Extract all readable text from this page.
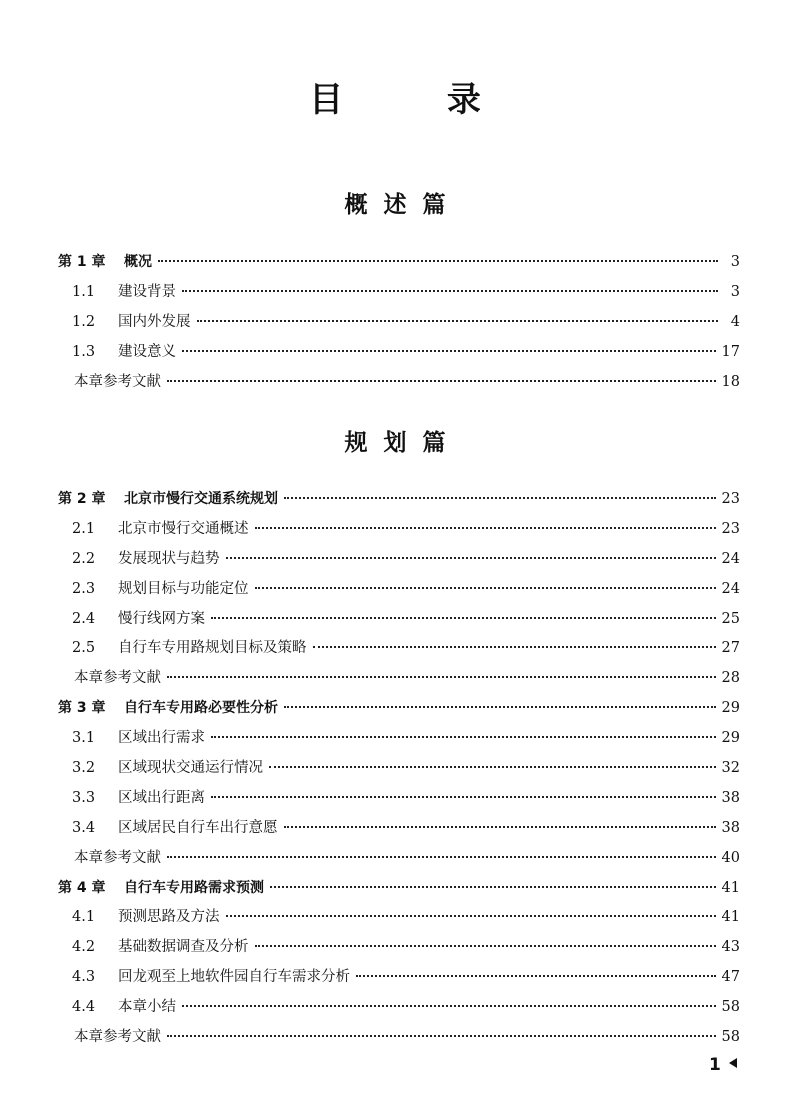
目 录
概述篇
第 1 章	概况	3
1.1	建设背景	3
1.2	国内外发展	4
1.3	建设意义	17
本章参考文献	18
规划篇
第 2 章	北京市慢行交通系统规划	23
2.1	北京市慢行交通概述	23
2.2	发展现状与趋势	24
2.3	规划目标与功能定位	24
2.4	慢行线网方案	25
2.5	自行车专用路规划目标及策略	27
本章参考文献	28
第 3 章	自行车专用路必要性分析	29
3.1	区域出行需求	29
3.2	区域现状交通运行情况	32
3.3	区域出行距离	38
3.4	区域居民自行车出行意愿	38
本章参考文献	40
第 4 章	自行车专用路需求预测	41
4.1	预测思路及方法	41
4.2	基础数据调查及分析	43
4.3	回龙观至上地软件园自行车需求分析	47
4.4	本章小结	58
本章参考文献	58
1
